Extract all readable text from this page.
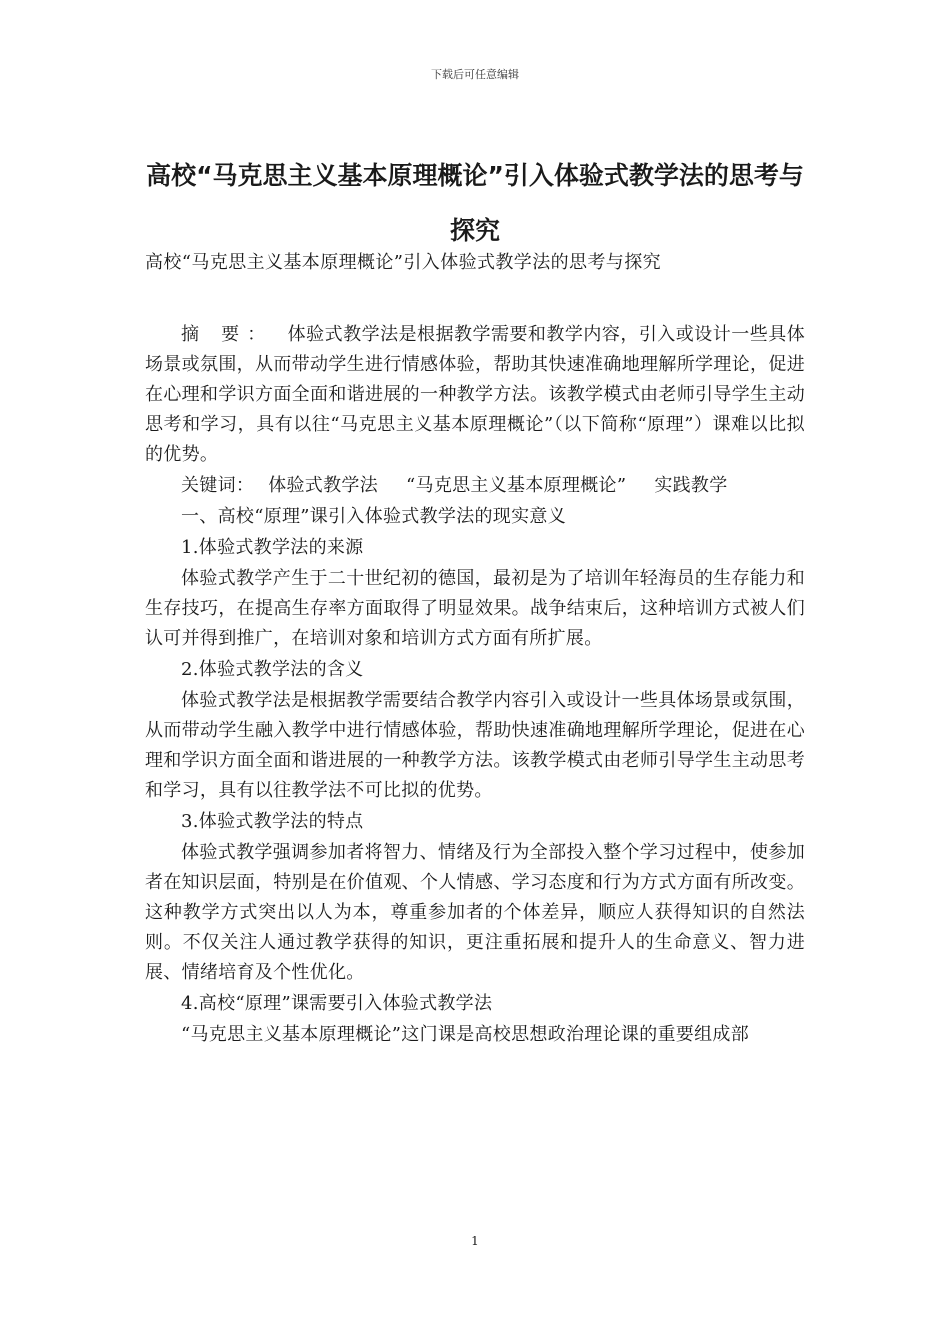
下载后可任意编辑
高校“马克思主义基本原理概论”引入体验式教学法的思考与探究
高校“马克思主义基本原理概论”引入体验式教学法的思考与探究

摘 要： 体验式教学法是根据教学需要和教学内容，引入或设计一些具体场景或氛围，从而带动学生进行情感体验，帮助其快速准确地理解所学理论，促进在心理和学识方面全面和谐进展的一种教学方法。该教学模式由老师引导学生主动思考和学习，具有以往“马克思主义基本原理概论”（以下简称“原理”）课难以比拟的优势。

关键词： 体验式教学法 “马克思主义基本原理概论” 实践教学

一、高校“原理”课引入体验式教学法的现实意义

1.体验式教学法的来源

体验式教学产生于二十世纪初的德国，最初是为了培训年轻海员的生存能力和生存技巧，在提高生存率方面取得了明显效果。战争结束后，这种培训方式被人们认可并得到推广，在培训对象和培训方式方面有所扩展。

2.体验式教学法的含义

体验式教学法是根据教学需要结合教学内容引入或设计一些具体场景或氛围，从而带动学生融入教学中进行情感体验，帮助快速准确地理解所学理论，促进在心理和学识方面全面和谐进展的一种教学方法。该教学模式由老师引导学生主动思考和学习，具有以往教学法不可比拟的优势。

3.体验式教学法的特点

体验式教学强调参加者将智力、情绪及行为全部投入整个学习过程中，使参加者在知识层面，特别是在价值观、个人情感、学习态度和行为方式方面有所改变。这种教学方式突出以人为本，尊重参加者的个体差异，顺应人获得知识的自然法则。不仅关注人通过教学获得的知识，更注重拓展和提升人的生命意义、智力进展、情绪培育及个性优化。

4.高校“原理”课需要引入体验式教学法

“马克思主义基本原理概论”这门课是高校思想政治理论课的重要组成部

1
